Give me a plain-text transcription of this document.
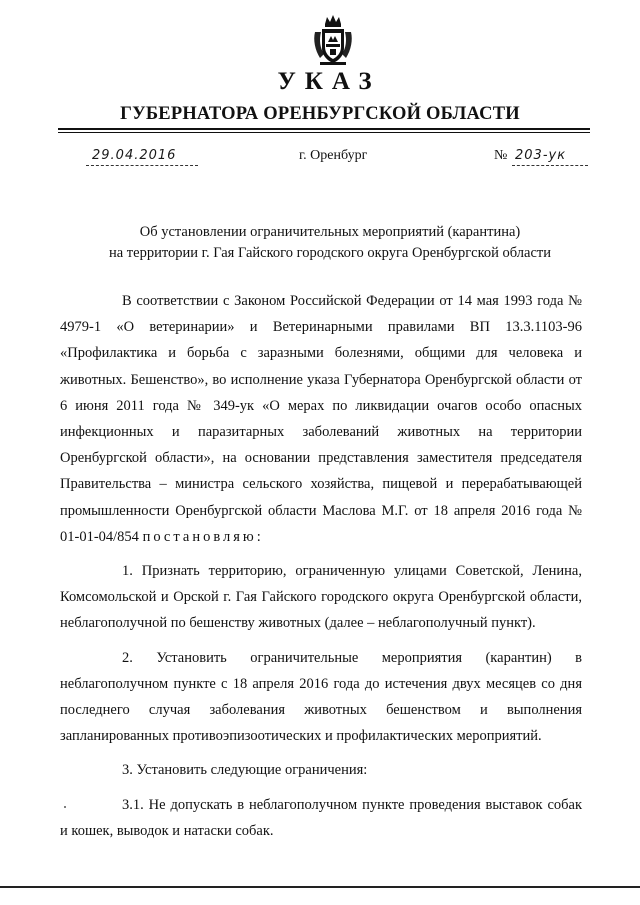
УКАЗ
ГУБЕРНАТОРА ОРЕНБУРГСКОЙ ОБЛАСТИ
29.04.2016	г. Оренбург	№ 203-ук

Об установлении ограничительных мероприятий (карантина)
на территории г. Гая Гайского городского округа Оренбургской области

В соответствии с Законом Российской Федерации от 14 мая 1993 года № 4979-1 «О ветеринарии» и Ветеринарными правилами ВП 13.3.1103-96 «Профилактика и борьба с заразными болезнями, общими для человека и животных. Бешенство», во исполнение указа Губернатора Оренбургской области от 6 июня 2011 года № 349-ук «О мерах по ликвидации очагов особо опасных инфекционных и паразитарных заболеваний животных на территории Оренбургской области», на основании представления заместителя председателя Правительства – министра сельского хозяйства, пищевой и перерабатывающей промышленности Оренбургской области Маслова М.Г. от 18 апреля 2016 года № 01-01-04/854 постановляю:

1. Признать территорию, ограниченную улицами Советской, Ленина, Комсомольской и Орской г. Гая Гайского городского округа Оренбургской области, неблагополучной по бешенству животных (далее – неблагополучный пункт).

2. Установить ограничительные мероприятия (карантин) в неблагополучном пункте с 18 апреля 2016 года до истечения двух месяцев со дня последнего случая заболевания животных бешенством и выполнения запланированных противоэпизоотических и профилактических мероприятий.

3. Установить следующие ограничения:

3.1. Не допускать в неблагополучном пункте проведения выставок собак и кошек, выводок и натаски собак.
